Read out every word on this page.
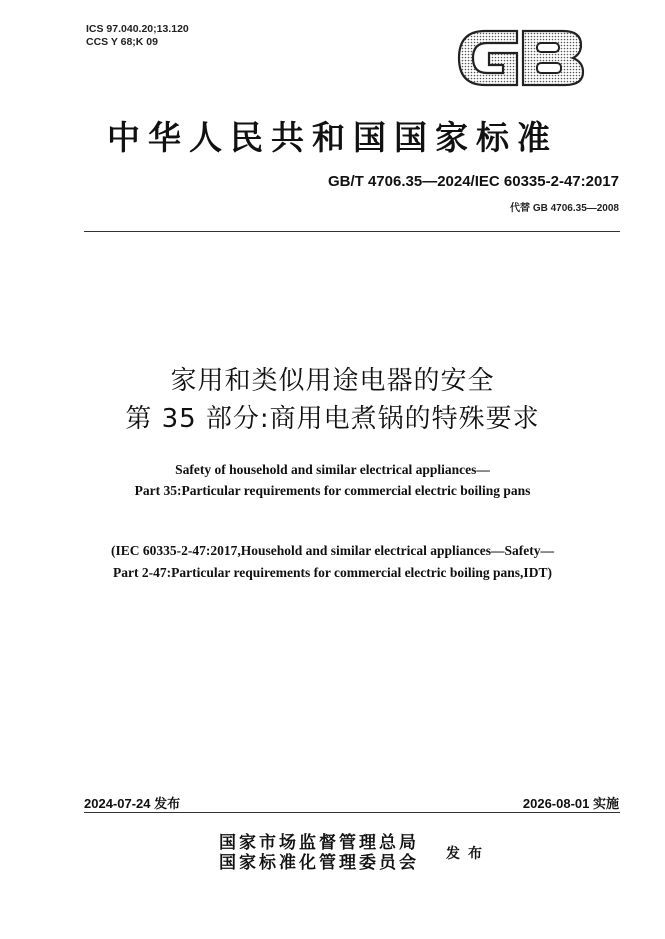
ICS 97.040.20;13.120
CCS Y 68;K 09
中华人民共和国国家标准
GB/T 4706.35—2024/IEC 60335-2-47:2017
代替 GB 4706.35—2008
家用和类似用途电器的安全
第 35 部分:商用电煮锅的特殊要求
Safety of household and similar electrical appliances—
Part 35:Particular requirements for commercial electric boiling pans
(IEC 60335-2-47:2017,Household and similar electrical appliances—Safety—
Part 2-47:Particular requirements for commercial electric boiling pans,IDT)
2024-07-24 发布	2026-08-01 实施
国家市场监督管理总局
国家标准化管理委员会 发布
